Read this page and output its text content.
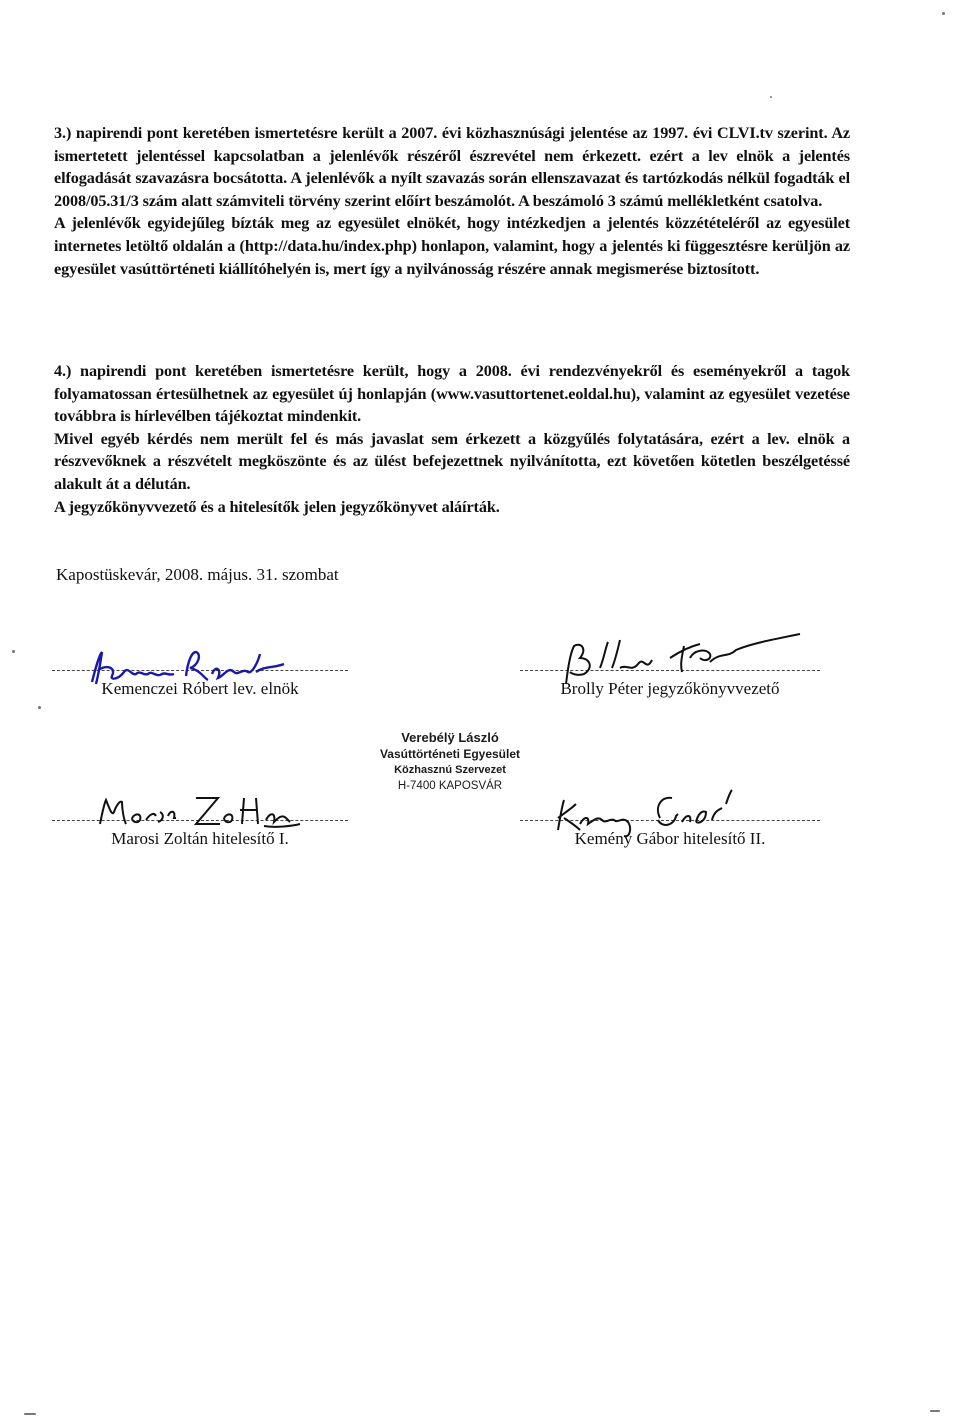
3.) napirendi pont keretében ismertetésre került a 2007. évi közhasznúsági jelentése az 1997. évi CLVI.tv szerint. Az ismertetett jelentéssel kapcsolatban a jelenlévők részéről észrevétel nem érkezett. ezért a lev elnök a jelentés elfogadását szavazásra bocsátotta. A jelenlévők a nyílt szavazás során ellenszavazat és tartózkodás nélkül fogadták el 2008/05.31/3 szám alatt számviteli törvény szerint előírt beszámolót. A beszámoló 3 számú mellékletként csatolva.

A jelenlévők egyidejűleg bízták meg az egyesület elnökét, hogy intézkedjen a jelentés közzétételéről az egyesület internetes letöltő oldalán a (http://data.hu/index.php) honlapon, valamint, hogy a jelentés ki függesztésre kerüljön az egyesület vasúttörténeti kiállítóhelyén is, mert így a nyilvánosság részére annak megismerése biztosított.

4.) napirendi pont keretében ismertetésre került, hogy a 2008. évi rendezvényekről és eseményekről a tagok folyamatossan értesülhetnek az egyesület új honlapján (www.vasuttortenet.eoldal.hu), valamint az egyesület vezetése továbbra is hírlevélben tájékoztat mindenkit.

Mivel egyéb kérdés nem merült fel és más javaslat sem érkezett a közgyűlés folytatására, ezért a lev. elnök a részvevőknek a részvételt megköszönte és az ülést befejezettnek nyilvánította, ezt követően kötetlen beszélgetéssé alakult át a délután.

A jegyzőkönyvvezető és a hitelesítők jelen jegyzőkönyvet aláírták.

Kapostüskevár, 2008. május. 31. szombat
Kemenczei Róbert lev. elnök	Brolly Péter jegyzőkönyvvezető
Verebélÿ László
Vasúttörténeti Egyesület
Közhasznú Szervezet
H-7400 KAPOSVÁR
Marosi Zoltán hitelesítő I.	Kemény Gábor hitelesítő II.
